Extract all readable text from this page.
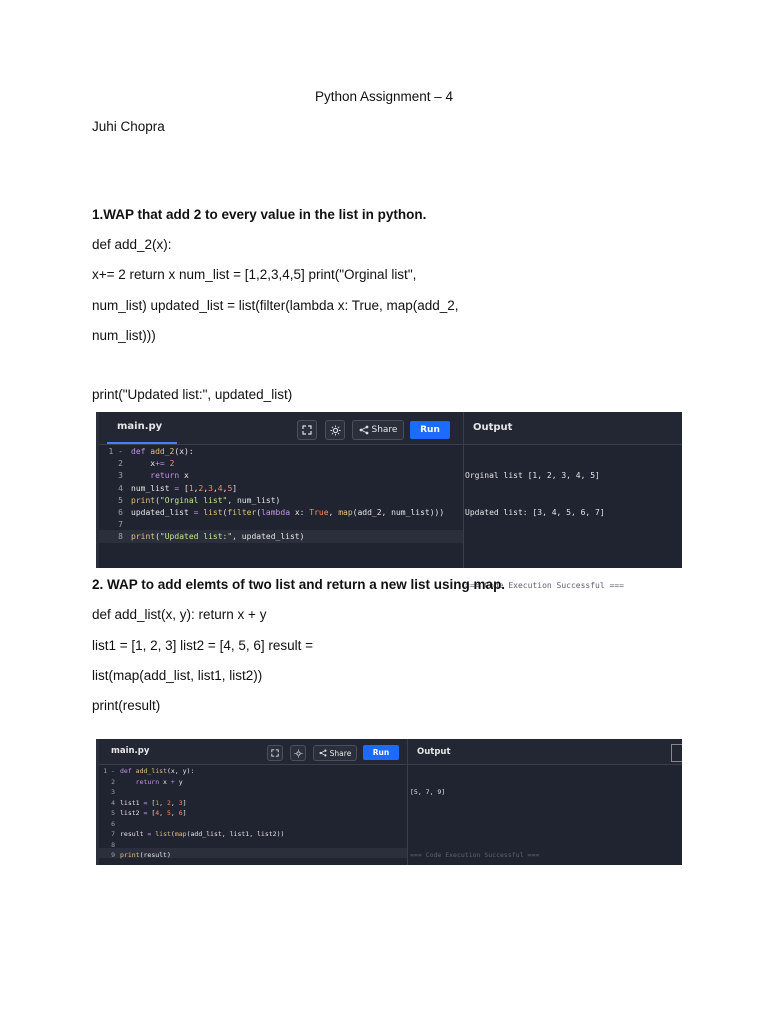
Python Assignment – 4
Juhi Chopra
1.WAP that add 2 to every value in the list in python.
def add_2(x):
x+= 2 return x num_list = [1,2,3,4,5] print("Orginal list",
num_list) updated_list = list(filter(lambda x: True, map(add_2,
num_list)))
print("Updated list:", updated_list)
main.py	Share	Run	Output
1 -
2
3
4
5
6
7
8
def add_2(x):
x+= 2
return x
num_list = [1,2,3,4,5]
print("Orginal list", num_list)
updated_list = list(filter(lambda x: True, map(add_2, num_list)))

print("Updated list:", updated_list)

Orginal list [1, 2, 3, 4, 5]

Updated list: [3, 4, 5, 6, 7]

=== Code Execution Successful ===

2. WAP to add elemts of two list and return a new list using map.
def add_list(x, y): return x + y
list1 = [1, 2, 3] list2 = [4, 5, 6] result =
list(map(add_list, list1, list2))
print(result)
main.py	Share	Run	Output
1 -
2
3
4
5
6
7
8
9
def add_list(x, y):
return x + y

list1 = [1, 2, 3]
list2 = [4, 5, 6]

result = list(map(add_list, list1, list2))

print(result)

[5, 7, 9]

=== Code Execution Successful ===
